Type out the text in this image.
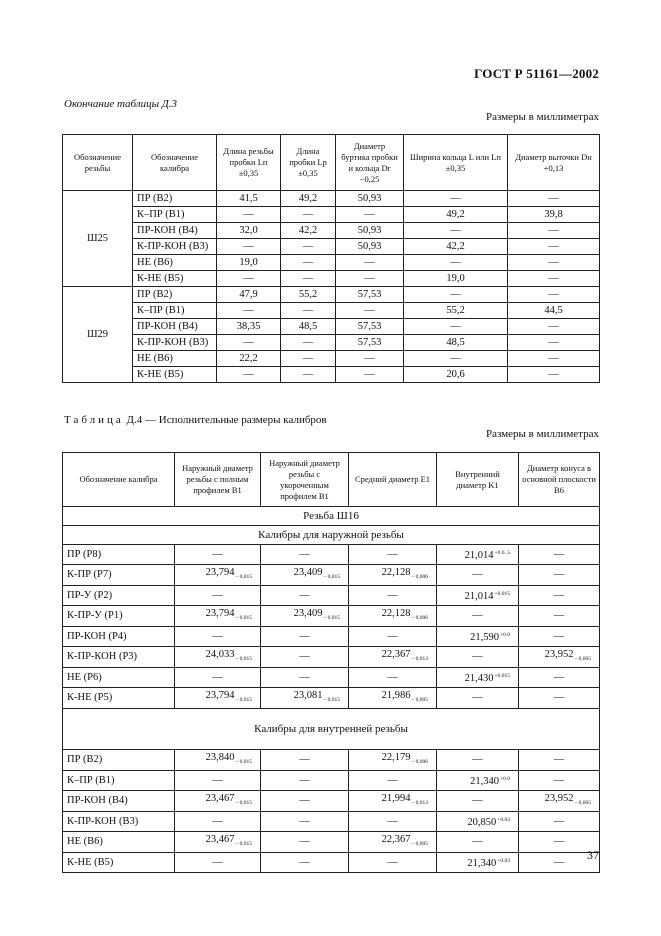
ГОСТ Р 51161—2002
Окончание таблицы Д.3
Размеры в миллиметрах
Обозначение резьбы	Обозначение калибра	Длина резьбы пробки Lп ±0,35	Длина пробки Lр ±0,35	Диаметр буртика пробки и кольца Dr −0,25	Ширина кольца L или Lп ±0,35	Диаметр выточки Dн +0,13
Ш25	ПР (В2)	41,5	49,2	50,93	—	—
	К–ПР (В1)	—	—	—	49,2	39,8
	ПР-КОН (В4)	32,0	42,2	50,93	—	—
	К-ПР-КОН (В3)	—	—	50,93	42,2	—
	НЕ (В6)	19,0	—	—	—	—
	К-НЕ (В5)	—	—	—	19,0	—
Ш29	ПР (В2)	47,9	55,2	57,53	—	—
	К–ПР (В1)	—	—	—	55,2	44,5
	ПР-КОН (В4)	38,35	48,5	57,53	—	—
	К-ПР-КОН (В3)	—	—	57,53	48,5	—
	НЕ (В6)	22,2	—	—	—	—
	К-НЕ (В5)	—	—	—	20,6	—
Таблица Д.4 — Исполнительные размеры калибров
Размеры в миллиметрах
Обозначение калибра	Наружный диаметр резьбы с полным профилем B1	Наружный диаметр резьбы с укороченным профилем B1	Средний диаметр E1	Внутренний диаметр K1	Диаметр конуса в основной плоскости B6
Резьба Ш16					
Калибры для наружной резьбы					
ПР (Р8)	—	—	—	$21,014^{+0.0..5}$	—
К-ПР (Р7)	$23,794_{- 0,015}$	$23,409_{- 0,015}$	$22,128_{- 0,006}$	—	—
ПР-У (Р2)	—	—	—	$21,014^{+0.015}$	—
К-ПР-У (Р1)	$23,794_{- 0,015}$	$23,409_{- 0,015}$	$22,128_{- 0,006}$	—	—
ПР-КОН (Р4)	—	—	—	$21,590^{+0.0}$	—
К-ПР-КОН (Р3)	$24,033_{- 0,015}$	—	$22,367_{- 0,013}$	—	$23,952_{- 0,005}$
НЕ (Р6)	—	—	—	$21,430^{+0.015}$	—
К-НЕ (Р5)	$23,794_{- 0,015}$	$23,081_{- 0,015}$	$21,986_{- 0,005}$	—	—
Калибры для внутренней резьбы					
ПР (В2)	$23,840_{- 0,015}$	—	$22,179_{- 0,006}$	—	—
К–ПР (В1)	—	—	—	$21,340^{+0.0}$	—
ПР-КОН (В4)	$23,467_{- 0,015}$	—	$21,994_{- 0,013}$	—	$23,952_{- 0,005}$
К-ПР-КОН (В3)	—	—	—	$20,850^{+0.03}$	—
НЕ (В6)	$23,467_{- 0,015}$	—	$22,367_{- 0,005}$	—	—
К-НЕ (В5)	—	—	—	$21,340^{+0.03}$	— 37
